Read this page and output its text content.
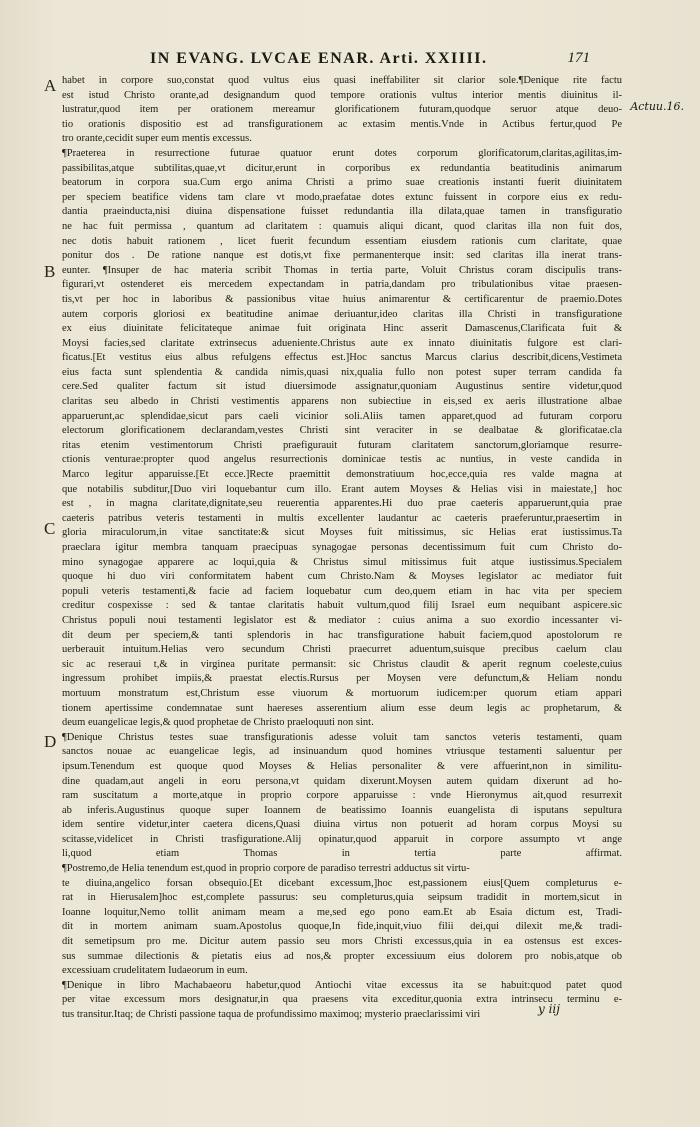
IN EVANG. LVCAE ENAR. Arti. XXIIII.	171
A
B
C
D
Actuu.16.
habet in corpore suo,constat quod vultus eius quasi ineffabiliter sit clarior sole.¶Denique rite factu
est istud Christo orante,ad designandum quod tempore orationis vultus interior mentis diuinitus il-
lustratur,quod item per orationem mereamur glorificationem futuram,quodque seruor atque deuo-
tio orationis dispositio est ad transfigurationem ac extasim mentis.Vnde in Actibus fertur,quod Pe
tro orante,cecidit super eum mentis excessus.
¶Praeterea in resurrectione futurae quatuor erunt dotes corporum glorificatorum,claritas,agilitas,im-
passibilitas,atque subtilitas,quae,vt dicitur,erunt in corporibus ex redundantia beatitudinis animarum
beatorum in corpora sua.Cum ergo anima Christi a primo suae creationis instanti fuerit diuinitatem
per speciem beatifice videns tam clare vt modo,praefatae dotes extunc fuissent in corpore eius ex redu-
dantia praeinducta,nisi diuina dispensatione fuisset redundantia illa dilata,quae tamen in transfiguratio
ne hac fuit permissa , quantum ad claritatem : quamuis aliqui dicant, quod claritas illa non fuit dos,
nec dotis habuit rationem , licet fuerit fecundum essentiam eiusdem rationis cum claritate, quae
ponitur dos . De ratione nanque est dotis,vt fixe permanenterque insit: sed claritas illa inerat trans-
eunter. ¶Insuper de hac materia scribit Thomas in tertia parte, Voluit Christus coram discipulis trans-
figurari,vt ostenderet eis mercedem expectandam in patria,dandam pro tribulationibus vitae praesen-
tis,vt per hoc in laboribus & passionibus vitae huius animarentur & certificarentur de praemio.Dotes
autem corporis gloriosi ex beatitudine animae deriuantur,ideo claritas illa Christi in transfiguratione
ex eius diuinitate felicitateque animae fuit originata Hinc asserit Damascenus,Clarificata fuit &
Moysi facies,sed claritate extrinsecus adueniente.Christus aute ex innato diuinitatis fulgore est clari-
ficatus.[Et vestitus eius albus refulgens effectus est.]Hoc sanctus Marcus clarius describit,dicens,Vestimeta
eius facta sunt splendentia & candida nimis,quasi nix,qualia fullo non potest super terram candida fa
cere.Sed qualiter factum sit istud diuersimode assignatur,quoniam Augustinus sentire videtur,quod
claritas seu albedo in Christi vestimentis apparens non subiectiue in eis,sed ex aeris illustratione albae
apparuerunt,ac splendidae,sicut pars caeli vicinior soli.Aliis tamen apparet,quod ad futuram corporu
electorum glorificationem declarandam,vestes Christi sint veraciter in se dealbatae & glorificatae.cla
ritas etenim vestimentorum Christi praefigurauit futuram claritatem sanctorum,gloriamque resurre-
ctionis venturae:propter quod angelus resurrectionis dominicae testis ac nuntius, in veste candida in
Marco legitur apparuisse.[Et ecce.]Recte praemittit demonstratiuum hoc,ecce,quia res valde magna at
que notabilis subditur,[Duo viri loquebantur cum illo. Erant autem Moyses & Helias visi in maiestate,] hoc
est , in magna claritate,dignitate,seu reuerentia apparentes.Hi duo prae caeteris apparuerunt,quia prae
caeteris patribus veteris testamenti in multis excellenter laudantur ac caeteris praeferuntur,praesertim in
gloria miraculorum,in vitae sanctitate:& sicut Moyses fuit mitissimus, sic Helias erat iustissimus.Ta
praeclara igitur membra tanquam praecipuas synagogae personas decentissimum fuit cum Christo do-
mino synagogae apparere ac loqui,quia & Christus simul mitissimus fuit atque iustissimus.Specialem
quoque hi duo viri conformitatem habent cum Christo.Nam & Moyses legislator ac mediator fuit
populi veteris testamenti,& facie ad faciem loquebatur cum deo,quem etiam in hac vita per speciem
creditur cospexisse : sed & tantae claritatis habuit vultum,quod filij Israel eum nequibant aspicere.sic
Christus populi noui testamenti legislator est & mediator : cuius anima a suo exordio incessanter vi-
dit deum per speciem,& tanti splendoris in hac transfiguratione habuit faciem,quod apostolorum re
uerberauit intuitum.Helias vero secundum Christi praecurret aduentum,suisque precibus caelum clau
sic ac reseraui t,& in virginea puritate permansit: sic Christus claudit & aperit regnum coeleste,cuius
ingressum prohibet impiis,& praestat electis.Rursus per Moysen vere defunctum,& Heliam nondu
mortuum monstratum est,Christum esse viuorum & mortuorum iudicem:per quorum etiam appari
tionem apertissime condemnatae sunt haereses asserentium alium esse deum legis ac prophetarum, &
deum euangelicae legis,& quod prophetae de Christo praeloquuti non sint.
¶Denique Christus testes suae transfigurationis adesse voluit tam sanctos veteris testamenti, quam
sanctos nouae ac euangelicae legis, ad insinuandum quod homines vtriusque testamenti saluentur per
ipsum.Tenendum est quoque quod Moyses & Helias personaliter & vere affuerint,non in similitu-
dine quadam,aut angeli in eoru persona,vt quidam dixerunt.Moysen autem quidam dixerunt ad ho-
ram suscitatum a morte,atque in proprio corpore apparuisse : vnde Hieronymus ait,quod resurrexit
ab inferis.Augustinus quoque super Ioannem de beatissimo Ioannis euangelista di isputans sepultura
idem sentire videtur,inter caetera dicens,Quasi diuina virtus non potuerit ad horam corpus Moysi su
scitasse,videlicet in Christi trasfiguratione.Alij opinatur,quod apparuit in corpore assumpto vt ange
li,quod etiam Thomas in tertia parte affirmat.
¶Postremo,de Helia tenendum est,quod in proprio corpore de paradiso terrestri adductus sit virtu-
te diuina,angelico forsan obsequio.[Et dicebant excessum,]hoc est,passionem eius[Quem completurus e-
rat in Hierusalem]hoc est,complete passurus: seu completurus,quia seipsum tradidit in mortem,sicut in
Ioanne loquitur,Nemo tollit animam meam a me,sed ego pono eam.Et ab Esaia dictum est, Tradi-
dit in mortem animam suam.Apostolus quoque,In fide,inquit,viuo filii dei,qui dilexit me,& tradi-
dit semetipsum pro me. Dicitur autem passio seu mors Christi excessus,quia in ea ostensus est exces-
sus summae dilectionis & pietatis eius ad nos,& propter excessiuum eius dolorem pro nobis,atque ob
excessiuam crudelitatem Iudaeorum in eum.
¶Denique in libro Machabaeoru habetur,quod Antiochi vitae excessus ita se habuit:quod patet quod
per vitae excessum mors designatur,in qua praesens vita exceditur,quonia extra intrinsecu terminu e-
tus transitur.Itaq; de Christi passione taqua de profundissimo maximoq; mysterio praeclarissimi viri	y iij
